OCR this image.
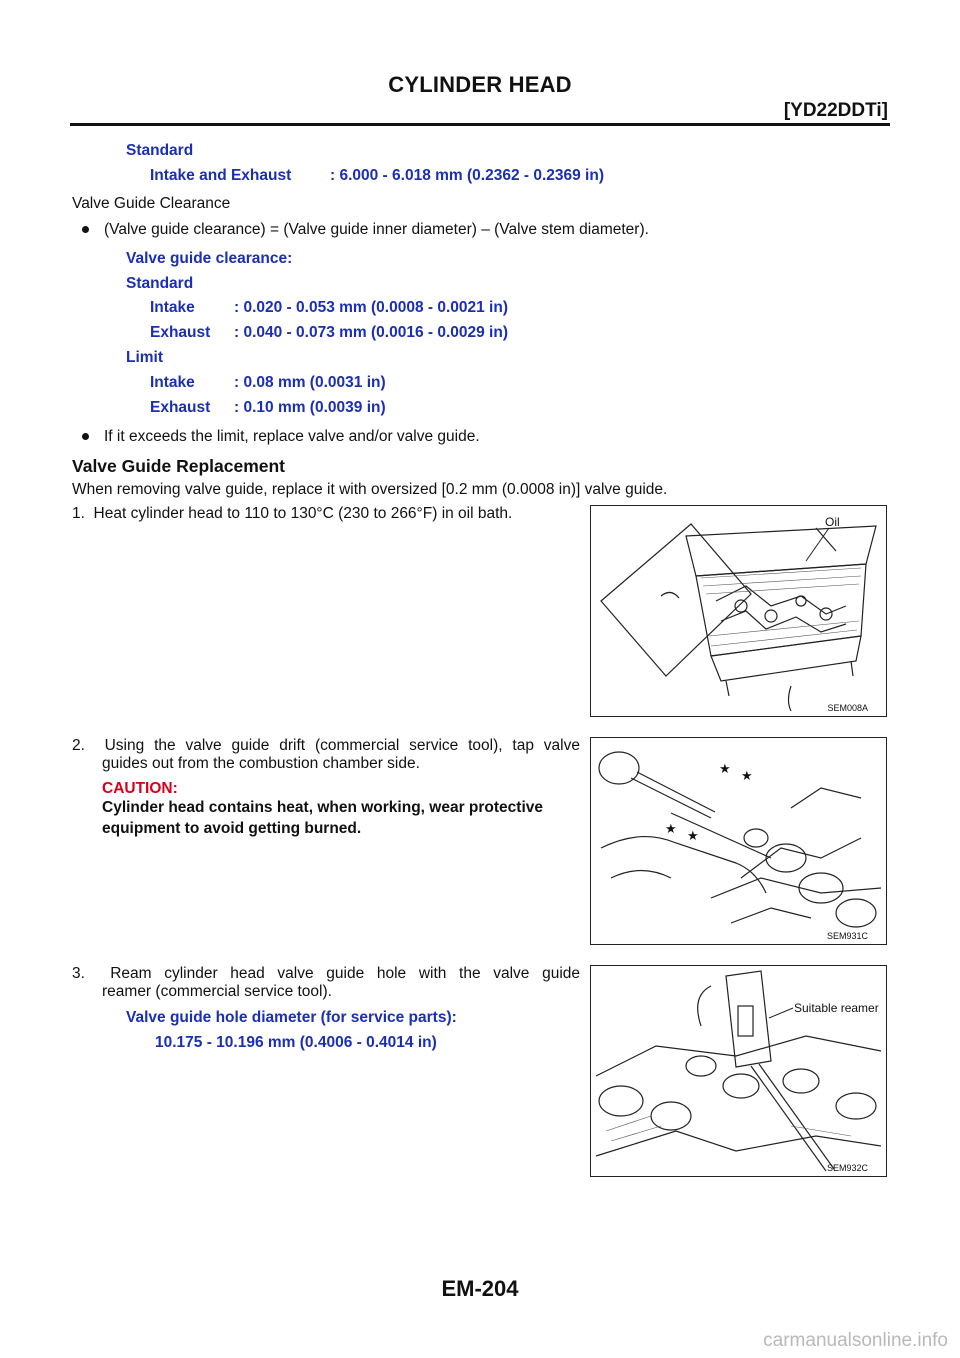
CYLINDER HEAD
[YD22DDTi]
Standard
Intake and Exhaust : 6.000 - 6.018 mm (0.2362 - 0.2369 in)
Valve Guide Clearance
(Valve guide clearance) = (Valve guide inner diameter) – (Valve stem diameter).
Valve guide clearance:
Standard
Intake	: 0.020 - 0.053 mm (0.0008 - 0.0021 in)
Exhaust : 0.040 - 0.073 mm (0.0016 - 0.0029 in)
Limit
Intake	: 0.08 mm (0.0031 in)
Exhaust : 0.10 mm (0.0039 in)
If it exceeds the limit, replace valve and/or valve guide.
Valve Guide Replacement
When removing valve guide, replace it with oversized [0.2 mm (0.0008 in)] valve guide.
1.  Heat cylinder head to 110 to 130°C (230 to 266°F) in oil bath.
2.  Using the valve guide drift (commercial service tool), tap valve
guides out from the combustion chamber side.
CAUTION:
Cylinder head contains heat, when working, wear protective
equipment to avoid getting burned.
3.  Ream cylinder head valve guide hole with the valve guide
reamer (commercial service tool).
Valve guide hole diameter (for service parts):
10.175 - 10.196 mm (0.4006 - 0.4014 in)
Oil
SEM008A
★ ★
★ ★
SEM931C
Suitable reamer
SEM932C
EM-204
carmanualsonline.info
